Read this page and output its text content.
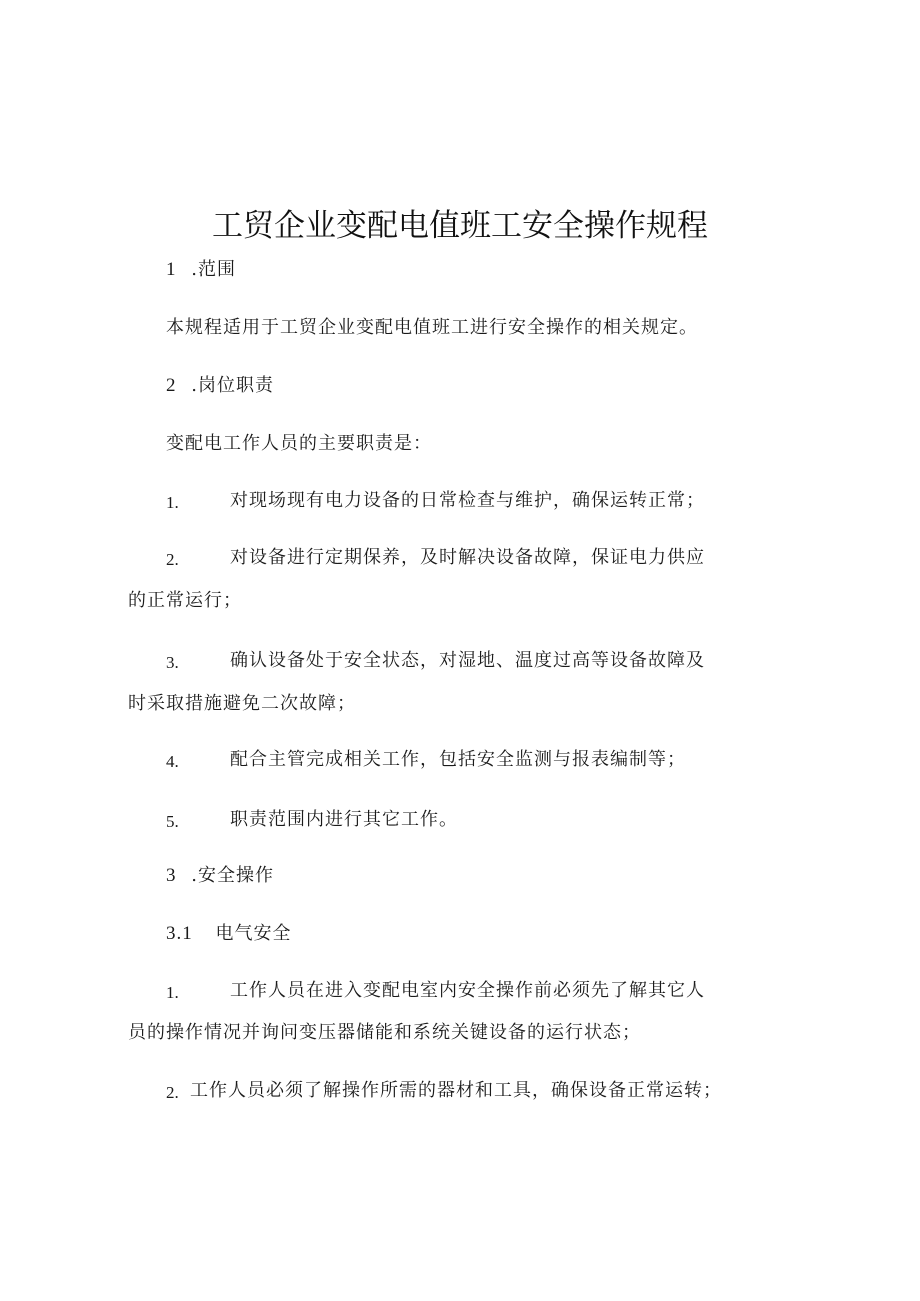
工贸企业变配电值班工安全操作规程
1 .范围
本规程适用于工贸企业变配电值班工进行安全操作的相关规定。
2 .岗位职责
变配电工作人员的主要职责是：
1.	对现场现有电力设备的日常检查与维护，确保运转正常；
2.	对设备进行定期保养，及时解决设备故障，保证电力供应
的正常运行；
3.	确认设备处于安全状态，对湿地、温度过高等设备故障及
时采取措施避免二次故障；
4.	配合主管完成相关工作，包括安全监测与报表编制等；
5.	职责范围内进行其它工作。
3 .安全操作
3.1 电气安全
1.	工作人员在进入变配电室内安全操作前必须先了解其它人
员的操作情况并询问变压器储能和系统关键设备的运行状态；
2. 工作人员必须了解操作所需的器材和工具，确保设备正常运转；
